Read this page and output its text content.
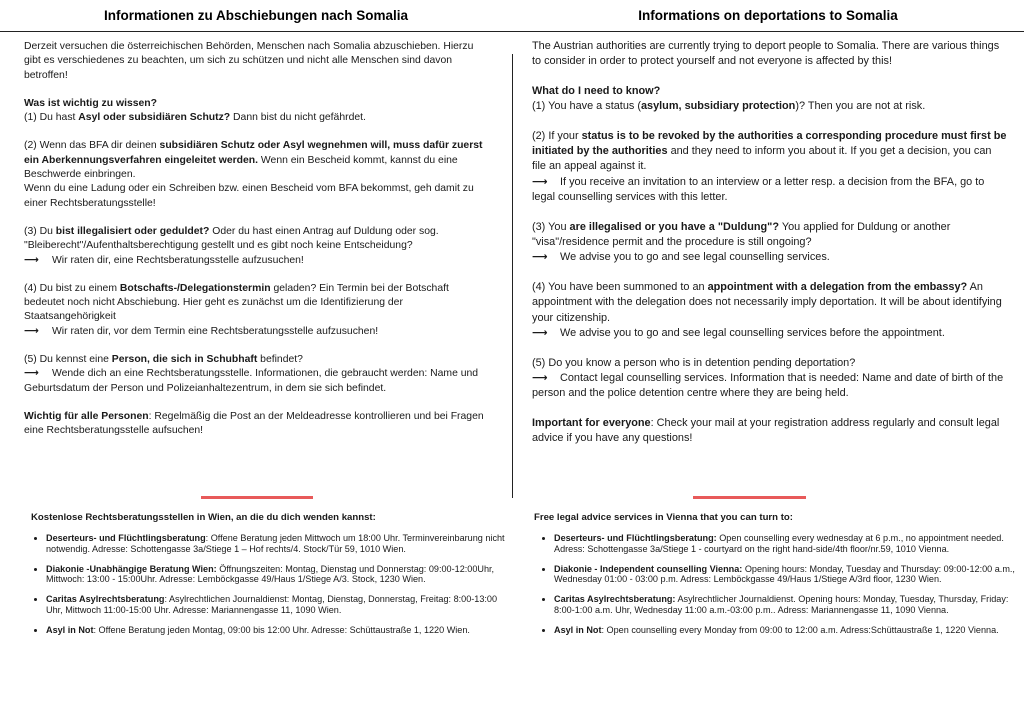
Informationen zu Abschiebungen nach Somalia

Derzeit versuchen die österreichischen Behörden, Menschen nach Somalia abzuschieben. Hierzu gibt es verschiedenes zu beachten, um sich zu schützen und nicht alle Menschen sind davon betroffen!

Was ist wichtig zu wissen?

(1) Du hast Asyl oder subsidiären Schutz? Dann bist du nicht gefährdet.

(2) Wenn das BFA dir deinen subsidiären Schutz oder Asyl wegnehmen will, muss dafür zuerst ein Aberkennungsverfahren eingeleitet werden. Wenn ein Bescheid kommt, kannst du eine Beschwerde einbringen.
Wenn du eine Ladung oder ein Schreiben bzw. einen Bescheid vom BFA bekommst, geh damit zu einer Rechtsberatungsstelle!

(3) Du bist illegalisiert oder geduldet? Oder du hast einen Antrag auf Duldung oder sog. "Bleiberecht"/Aufenthaltsberechtigung gestellt und es gibt noch keine Entscheidung?
⟶ Wir raten dir, eine Rechtsberatungsstelle aufzusuchen!

(4) Du bist zu einem Botschafts-/Delegationstermin geladen? Ein Termin bei der Botschaft bedeutet noch nicht Abschiebung. Hier geht es zunächst um die Identifizierung der Staatsangehörigkeit
⟶ Wir raten dir, vor dem Termin eine Rechtsberatungsstelle aufzusuchen!

(5) Du kennst eine Person, die sich in Schubhaft befindet?
⟶ Wende dich an eine Rechtsberatungsstelle. Informationen, die gebraucht werden: Name und Geburtsdatum der Person und Polizeianhaltezentrum, in dem sie sich befindet.

Wichtig für alle Personen: Regelmäßig die Post an der Meldeadresse kontrollieren und bei Fragen eine Rechtsberatungsstelle aufsuchen!

Kostenlose Rechtsberatungsstellen in Wien, an die du dich wenden kannst:
• Deserteurs- und Flüchtlingsberatung: Offene Beratung jeden Mittwoch um 18:00 Uhr. Terminvereinbarung nicht notwendig. Adresse: Schottengasse 3a/Stiege 1 – Hof rechts/4. Stock/Tür 59, 1010 Wien.
• Diakonie -Unabhängige Beratung Wien: Öffnungszeiten: Montag, Dienstag und Donnerstag: 09:00-12:00Uhr, Mittwoch: 13:00 - 15:00Uhr. Adresse: Lemböckgasse 49/Haus 1/Stiege A/3. Stock, 1230 Wien.
• Caritas Asylrechtsberatung: Asylrechtlichen Journaldienst: Montag, Dienstag, Donnerstag, Freitag: 8:00-13:00 Uhr, Mittwoch 11:00-15:00 Uhr. Adresse: Mariannengasse 11, 1090 Wien.
• Asyl in Not: Offene Beratung jeden Montag, 09:00 bis 12:00 Uhr. Adresse: Schüttaustraße 1, 1220 Wien.
Informations on deportations to Somalia

The Austrian authorities are currently trying to deport people to Somalia. There are various things to consider in order to protect yourself and not everyone is affected by this!

What do I need to know?

(1) You have a status (asylum, subsidiary protection)? Then you are not at risk.

(2) If your status is to be revoked by the authorities a corresponding procedure must first be initiated by the authorities and they need to inform you about it. If you get a decision, you can file an appeal against it.
⟶ If you receive an invitation to an interview or a letter resp. a decision from the BFA, go to legal counselling services with this letter.

(3) You are illegalised or you have a "Duldung"? You applied for Duldung or another "visa"/residence permit and the procedure is still ongoing?
⟶ We advise you to go and see legal counselling services.

(4) You have been summoned to an appointment with a delegation from the embassy? An appointment with the delegation does not necessarily imply deportation. It will be about identifying your citizenship.
⟶ We advise you to go and see legal counselling services before the appointment.

(5) Do you know a person who is in detention pending deportation?
⟶ Contact legal counselling services. Information that is needed: Name and date of birth of the person and the police detention centre where they are being held.

Important for everyone: Check your mail at your registration address regularly and consult legal advice if you have any questions!

Free legal advice services in Vienna that you can turn to:
• Deserteurs- und Flüchtlingsberatung: Open counselling every wednesday at 6 p.m., no appointment needed. Adress: Schottengasse 3a/Stiege 1 - courtyard on the right hand-side/4th floor/nr.59, 1010 Vienna.
• Diakonie - Independent counselling Vienna: Opening hours: Monday, Tuesday and Thursday: 09:00-12:00 a.m., Wednesday 01:00 - 03:00 p.m. Adress: Lemböckgasse 49/Haus 1/Stiege A/3rd floor, 1230 Wien.
• Caritas Asylrechtsberatung: Asylrechtlicher Journaldienst. Opening hours: Monday, Tuesday, Thursday, Friday: 8:00-1:00 a.m. Uhr, Wednesday 11:00 a.m.-03:00 p.m.. Adress: Mariannengasse 11, 1090 Vienna.
• Asyl in Not: Open counselling every Monday from 09:00 to 12:00 a.m. Adress:Schüttaustraße 1, 1220 Vienna.
